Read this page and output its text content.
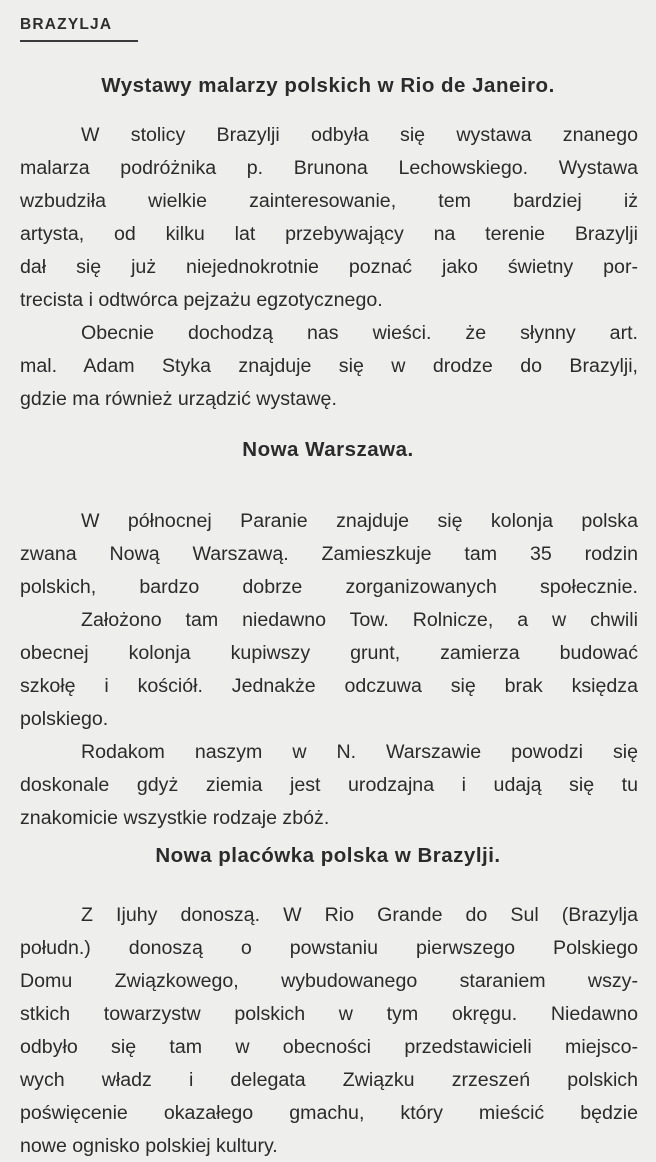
BRAZYLJA
Wystawy malarzy polskich w Rio de Janeiro.
W stolicy Brazylji odbyła się wystawa znanego
malarza podróżnika p. Brunona Lechowskiego. Wystawa
wzbudziła wielkie zainteresowanie, tem bardziej iż
artysta, od kilku lat przebywający na terenie Brazylji
dał się już niejednokrotnie poznać jako świetny por-
trecista i odtwórca pejzażu egzotycznego.
Obecnie dochodzą nas wieści. że słynny art.
mal. Adam Styka znajduje się w drodze do Brazylji,
gdzie ma również urządzić wystawę.
Nowa Warszawa.
W północnej Paranie znajduje się kolonja polska
zwana Nową Warszawą. Zamieszkuje tam 35 rodzin
polskich, bardzo dobrze zorganizowanych społecznie.
Założono tam niedawno Tow. Rolnicze, a w chwili
obecnej kolonja kupiwszy grunt, zamierza budować
szkołę i kościół. Jednakże odczuwa się brak księdza
polskiego.
Rodakom naszym w N. Warszawie powodzi się
doskonale gdyż ziemia jest urodzajna i udają się tu
znakomicie wszystkie rodzaje zbóż.
Nowa placówka polska w Brazylji.
Z Ijuhy donoszą. W Rio Grande do Sul (Brazylja
połudn.) donoszą o powstaniu pierwszego Polskiego
Domu Związkowego, wybudowanego staraniem wszy-
stkich towarzystw polskich w tym okręgu. Niedawno
odbyło się tam w obecności przedstawicieli miejsco-
wych władz i delegata Związku zrzeszeń polskich
poświęcenie okazałego gmachu, który mieścić będzie
nowe ognisko polskiej kultury.
